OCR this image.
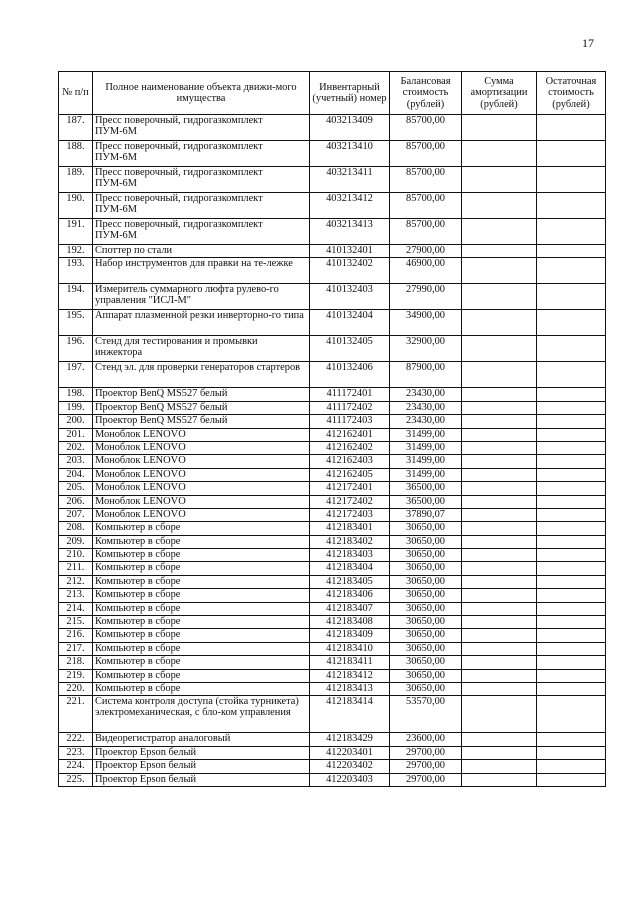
17
№ п/п	Полное наименование объекта движи-мого имущества	Инвентарный (учетный) номер	Балансовая стоимость (рублей)	Сумма амортизации (рублей)	Остаточная стоимость (рублей)
187.	Пресс поверочный, гидрогазкомплект ПУМ-6М	403213409	85700,00		
188.	Пресс поверочный, гидрогазкомплект ПУМ-6М	403213410	85700,00		
189.	Пресс поверочный, гидрогазкомплект ПУМ-6М	403213411	85700,00		
190.	Пресс поверочный, гидрогазкомплект ПУМ-6М	403213412	85700,00		
191.	Пресс поверочный, гидрогазкомплект ПУМ-6М	403213413	85700,00		
192.	Споттер по стали	410132401	27900,00		
193.	Набор инструментов для правки на те-лежке	410132402	46900,00		
194.	Измеритель суммарного люфта рулево-го управления "ИСЛ-М"	410132403	27990,00		
195.	Аппарат плазменной резки инверторно-го типа	410132404	34900,00		
196.	Стенд для тестирования и промывки инжектора	410132405	32900,00		
197.	Стенд эл. для проверки генераторов стартеров	410132406	87900,00		
198.	Проектор BenQ MS527 белый	411172401	23430,00		
199.	Проектор BenQ MS527 белый	411172402	23430,00		
200.	Проектор BenQ MS527 белый	411172403	23430,00		
201.	Моноблок LENOVO	412162401	31499,00		
202.	Моноблок LENOVO	412162402	31499,00		
203.	Моноблок LENOVO	412162403	31499,00		
204.	Моноблок LENOVO	412162405	31499,00		
205.	Моноблок LENOVO	412172401	36500,00		
206.	Моноблок LENOVO	412172402	36500,00		
207.	Моноблок LENOVO	412172403	37890,07		
208.	Компьютер в сборе	412183401	30650,00		
209.	Компьютер в сборе	412183402	30650,00		
210.	Компьютер в сборе	412183403	30650,00		
211.	Компьютер в сборе	412183404	30650,00		
212.	Компьютер в сборе	412183405	30650,00		
213.	Компьютер в сборе	412183406	30650,00		
214.	Компьютер в сборе	412183407	30650,00		
215.	Компьютер в сборе	412183408	30650,00		
216.	Компьютер в сборе	412183409	30650,00		
217.	Компьютер в сборе	412183410	30650,00		
218.	Компьютер в сборе	412183411	30650,00		
219.	Компьютер в сборе	412183412	30650,00		
220.	Компьютер в сборе	412183413	30650,00		
221.	Система контроля доступа (стойка турникета) электромеханическая, с бло-ком управления	412183414	53570,00		
222.	Видеорегистратор аналоговый	412183429	23600,00		
223.	Проектор Epson белый	412203401	29700,00		
224.	Проектор Epson белый	412203402	29700,00		
225.	Проектор Epson белый	412203403	29700,00		
